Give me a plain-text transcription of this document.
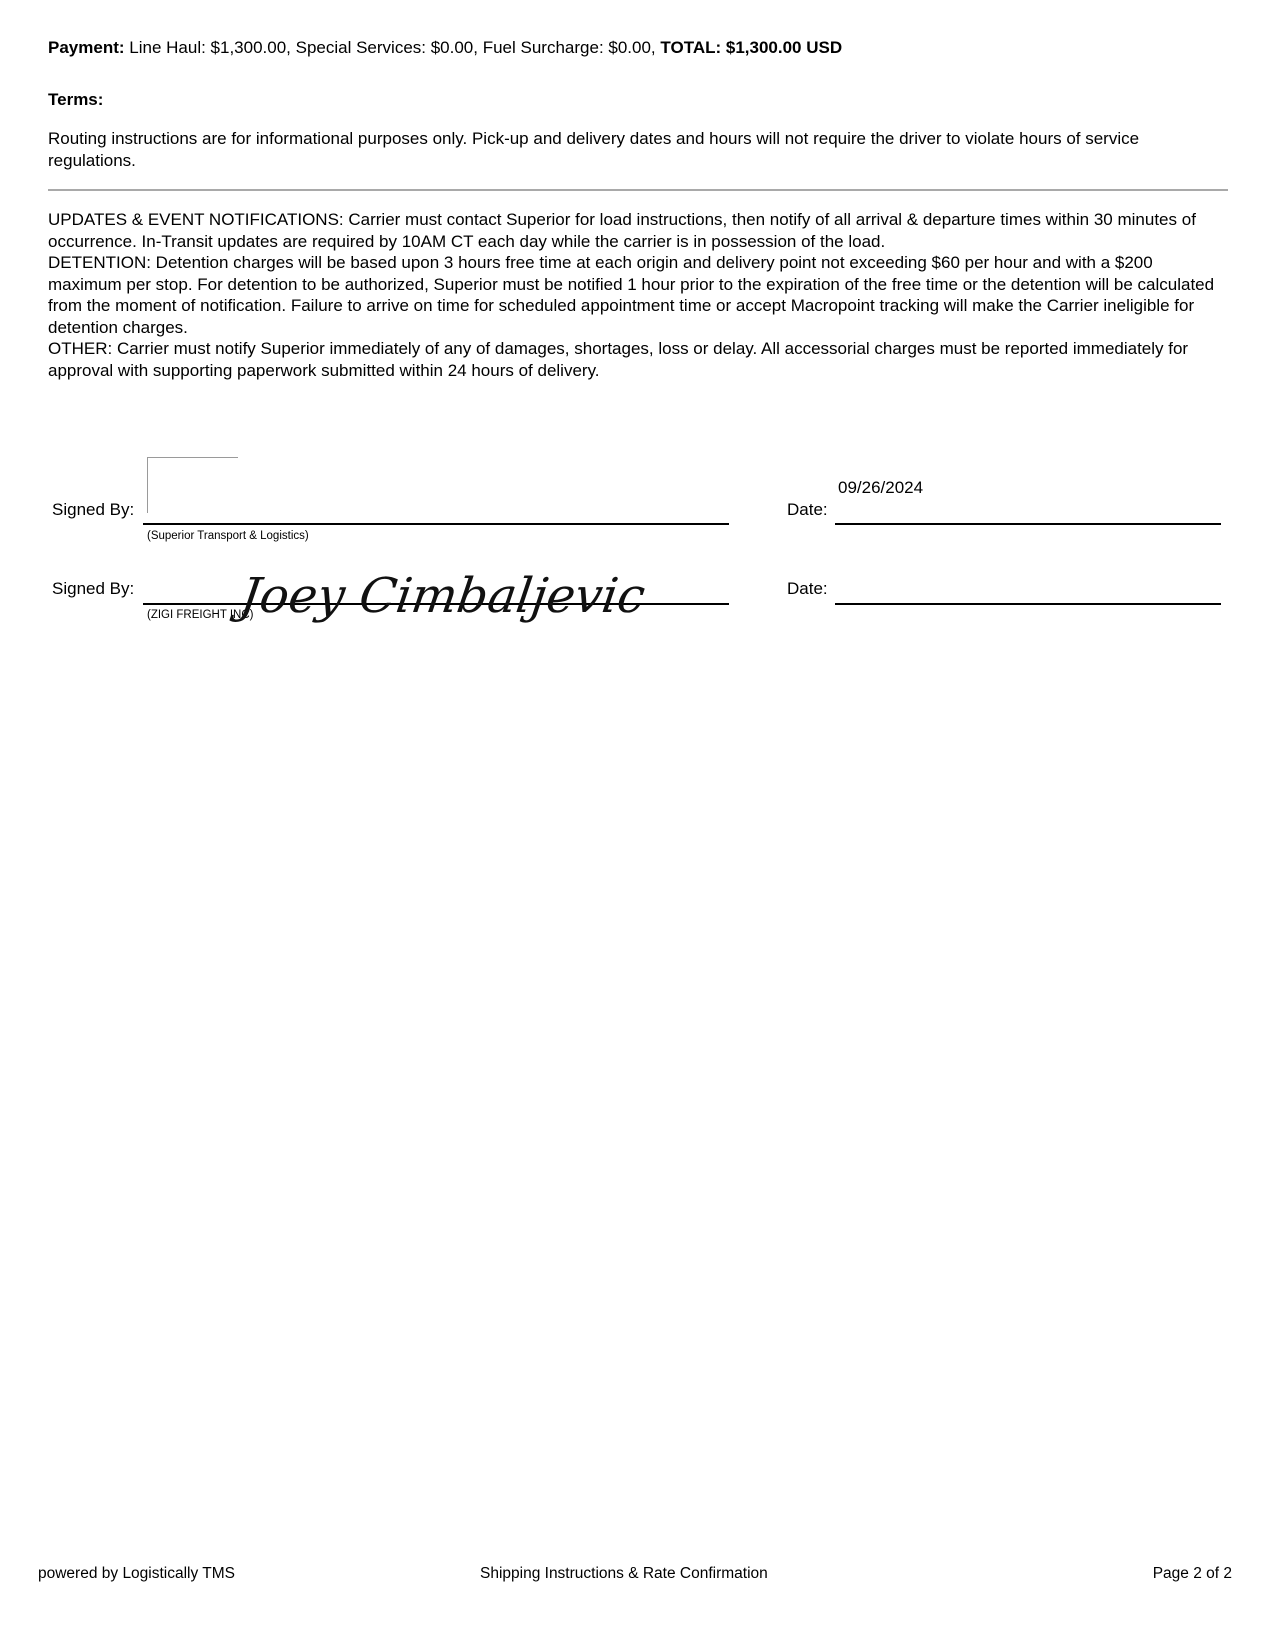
Payment: Line Haul: $1,300.00, Special Services: $0.00, Fuel Surcharge: $0.00, TOTAL: $1,300.00 USD
Terms:
Routing instructions are for informational purposes only. Pick-up and delivery dates and hours will not require the driver to violate hours of service regulations.
UPDATES & EVENT NOTIFICATIONS: Carrier must contact Superior for load instructions, then notify of all arrival & departure times within 30 minutes of occurrence. In-Transit updates are required by 10AM CT each day while the carrier is in possession of the load.
DETENTION: Detention charges will be based upon 3 hours free time at each origin and delivery point not exceeding $60 per hour and with a $200 maximum per stop. For detention to be authorized, Superior must be notified 1 hour prior to the expiration of the free time or the detention will be calculated from the moment of notification. Failure to arrive on time for scheduled appointment time or accept Macropoint tracking will make the Carrier ineligible for detention charges.
OTHER: Carrier must notify Superior immediately of any of damages, shortages, loss or delay. All accessorial charges must be reported immediately for approval with supporting paperwork submitted within 24 hours of delivery.
Signed By:
(Superior Transport & Logistics)
09/26/2024
Date:
Signed By:
(ZIGI FREIGHT INC)
Joey Cimbaljevic	Date:
powered by Logistically TMS	Shipping Instructions & Rate Confirmation	Page 2 of 2
